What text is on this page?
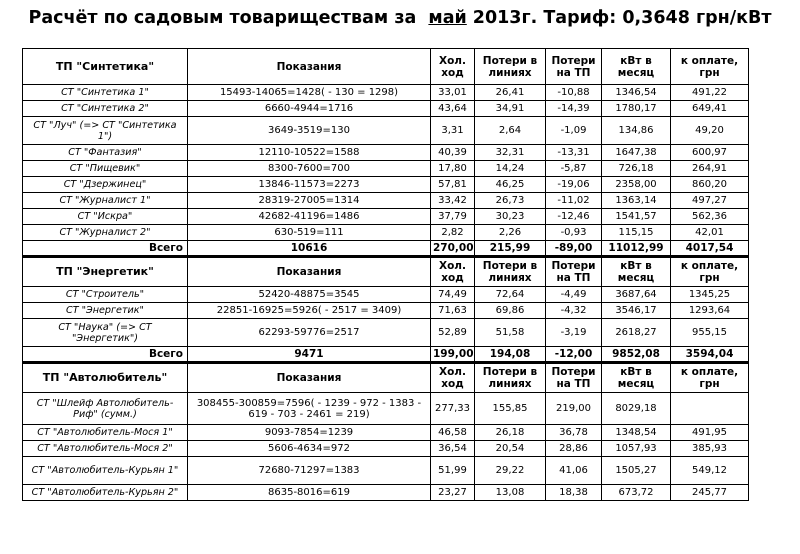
Расчёт по садовым товариществам за май 2013г. Тариф: 0,3648 грн/кВт
ТП "Синтетика"	Показания	Хол. ход	Потери в линиях	Потери на ТП	кВт в месяц	к оплате, грн
СТ "Синтетика 1"	15493-14065=1428( - 130 = 1298)	33,01	26,41	-10,88	1346,54	491,22
СТ "Синтетика 2"	6660-4944=1716	43,64	34,91	-14,39	1780,17	649,41
СТ "Луч" (=> СТ "Синтетика 1")	3649-3519=130	3,31	2,64	-1,09	134,86	49,20
СТ "Фантазия"	12110-10522=1588	40,39	32,31	-13,31	1647,38	600,97
СТ "Пищевик"	8300-7600=700	17,80	14,24	-5,87	726,18	264,91
СТ "Дзержинец"	13846-11573=2273	57,81	46,25	-19,06	2358,00	860,20
СТ "Журналист 1"	28319-27005=1314	33,42	26,73	-11,02	1363,14	497,27
СТ "Искра"	42682-41196=1486	37,79	30,23	-12,46	1541,57	562,36
СТ "Журналист 2"	630-519=111	2,82	2,26	-0,93	115,15	42,01
Всего	10616	270,00	215,99	-89,00	11012,99	4017,54
ТП "Энергетик"	Показания	Хол. ход	Потери в линиях	Потери на ТП	кВт в месяц	к оплате, грн
СТ "Строитель"	52420-48875=3545	74,49	72,64	-4,49	3687,64	1345,25
СТ "Энергетик"	22851-16925=5926( - 2517 = 3409)	71,63	69,86	-4,32	3546,17	1293,64
СТ "Наука" (=> СТ "Энергетик")	62293-59776=2517	52,89	51,58	-3,19	2618,27	955,15
Всего	9471	199,00	194,08	-12,00	9852,08	3594,04
ТП "Автолюбитель"	Показания	Хол. ход	Потери в линиях	Потери на ТП	кВт в месяц	к оплате, грн
СТ "Шлейф Автолюбитель-Риф" (сумм.)	308455-300859=7596( - 1239 - 972 - 1383 - 619 - 703 - 2461 = 219)	277,33	155,85	219,00	8029,18	
СТ "Автолюбитель-Мося 1"	9093-7854=1239	46,58	26,18	36,78	1348,54	491,95
СТ "Автолюбитель-Мося 2"	5606-4634=972	36,54	20,54	28,86	1057,93	385,93
СТ "Автолюбитель-Курьян 1"	72680-71297=1383	51,99	29,22	41,06	1505,27	549,12
СТ "Автолюбитель-Курьян 2"	8635-8016=619	23,27	13,08	18,38	673,72	245,77
